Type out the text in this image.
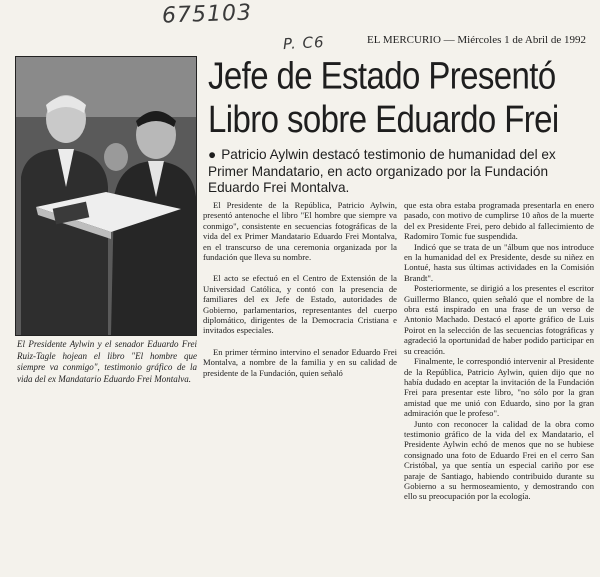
675103
P. C6	EL MERCURIO — Miércoles 1 de Abril de 1992

El Presidente Aylwin y el senador Eduardo Frei Ruiz-Tagle hojean el libro "El hombre que siempre va conmigo", testimonio gráfico de la vida del ex Mandatario Eduardo Frei Montalva.

Jefe de Estado Presentó
Libro sobre Eduardo Frei

● Patricio Aylwin destacó testimonio de humanidad del ex Primer Mandatario, en acto organizado por la Fundación Eduardo Frei Montalva.

El Presidente de la República, Patricio Aylwin, presentó antenoche el libro "El hombre que siempre va conmigo", consistente en secuencias fotográficas de la vida del ex Primer Mandatario Eduardo Frei Montalva, en el transcurso de una ceremonia organizada por la fundación que lleva su nombre.

El acto se efectuó en el Centro de Extensión de la Universidad Católica, y contó con la presencia de familiares del ex Jefe de Estado, autoridades de Gobierno, parlamentarios, representantes del cuerpo diplomático, dirigentes de la Democracia Cristiana e invitados especiales.

En primer término intervino el senador Eduardo Frei Montalva, a nombre de la familia y en su calidad de presidente de la Fundación, quien señaló

que esta obra estaba programada presentarla en enero pasado, con motivo de cumplirse 10 años de la muerte del ex Presidente Frei, pero debido al fallecimiento de Radomiro Tomic fue suspendida.

Indicó que se trata de un "álbum que nos introduce en la humanidad del ex Presidente, desde su niñez en Lontué, hasta sus últimas actividades en la Comisión Brandt".

Posteriormente, se dirigió a los presentes el escritor Guillermo Blanco, quien señaló que el nombre de la obra está inspirado en una frase de un verso de Antonio Machado. Destacó el aporte gráfico de Luis Poirot en la selección de las secuencias fotográficas y agradeció la oportunidad de haber podido participar en su creación.

Finalmente, le correspondió intervenir al Presidente de la República, Patricio Aylwin, quien dijo que no había dudado en aceptar la invitación de la Fundación Frei para presentar este libro, "no sólo por la gran amistad que me unió con Eduardo, sino por la gran admiración que le profeso".

Junto con reconocer la calidad de la obra como testimonio gráfico de la vida del ex Mandatario, el Presidente Aylwin echó de menos que no se hubiese consignado una foto de Eduardo Frei en el cerro San Cristóbal, ya que sentía un especial cariño por ese paraje de Santiago, habiendo contribuido durante su Gobierno a su hermoseamiento, y demostrando con ello su preocupación por la ecología.
